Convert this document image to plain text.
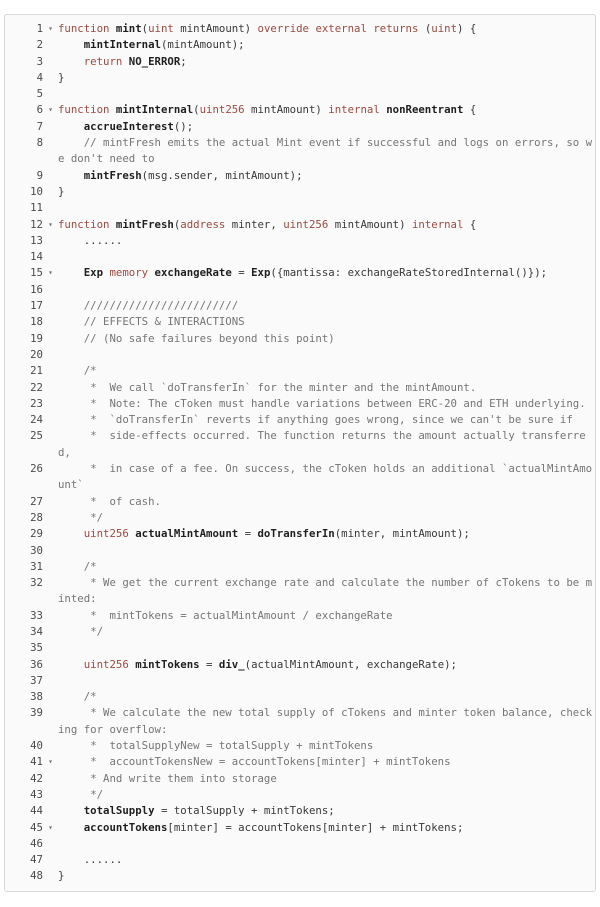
1 ▾ function mint(uint mintAmount) override external returns (uint) {
2	mintInternal(mintAmount);
3	return NO_ERROR;
4 }
5
6 ▾ function mintInternal(uint256 mintAmount) internal nonReentrant {
7	accrueInterest();
8	// mintFresh emits the actual Mint event if successful and logs on errors, so we don't need to
9	mintFresh(msg.sender, mintAmount);
10 }
11
12 ▾ function mintFresh(address minter, uint256 mintAmount) internal {
13 ......
14
15 ▾	Exp memory exchangeRate = Exp({mantissa: exchangeRateStoredInternal()});
16
17	////////////////////////
18	// EFFECTS & INTERACTIONS
19	// (No safe failures beyond this point)
20
21	/*
22 *  We call `doTransferIn` for the minter and the mintAmount.
23 *  Note: The cToken must handle variations between ERC-20 and ETH underlying.
24 *  `doTransferIn` reverts if anything goes wrong, since we can't be sure if
25 *  side-effects occurred. The function returns the amount actually transferred,
26 *  in case of a fee. On success, the cToken holds an additional `actualMintAmount`
27 *  of cash.
28 */
29	uint256 actualMintAmount = doTransferIn(minter, mintAmount);
30
31	/*
32 * We get the current exchange rate and calculate the number of cTokens to be minted:
33 *  mintTokens = actualMintAmount / exchangeRate
34 */
35
36	uint256 mintTokens = div_(actualMintAmount, exchangeRate);
37
38	/*
39 * We calculate the new total supply of cTokens and minter token balance, checking for overflow:
40 *  totalSupplyNew = totalSupply + mintTokens
41 ▾ *  accountTokensNew = accountTokens[minter] + mintTokens
42 * And write them into storage
43 */
44	totalSupply = totalSupply + mintTokens;
45 ▾	accountTokens[minter] = accountTokens[minter] + mintTokens;
46
47 ......
48 }
